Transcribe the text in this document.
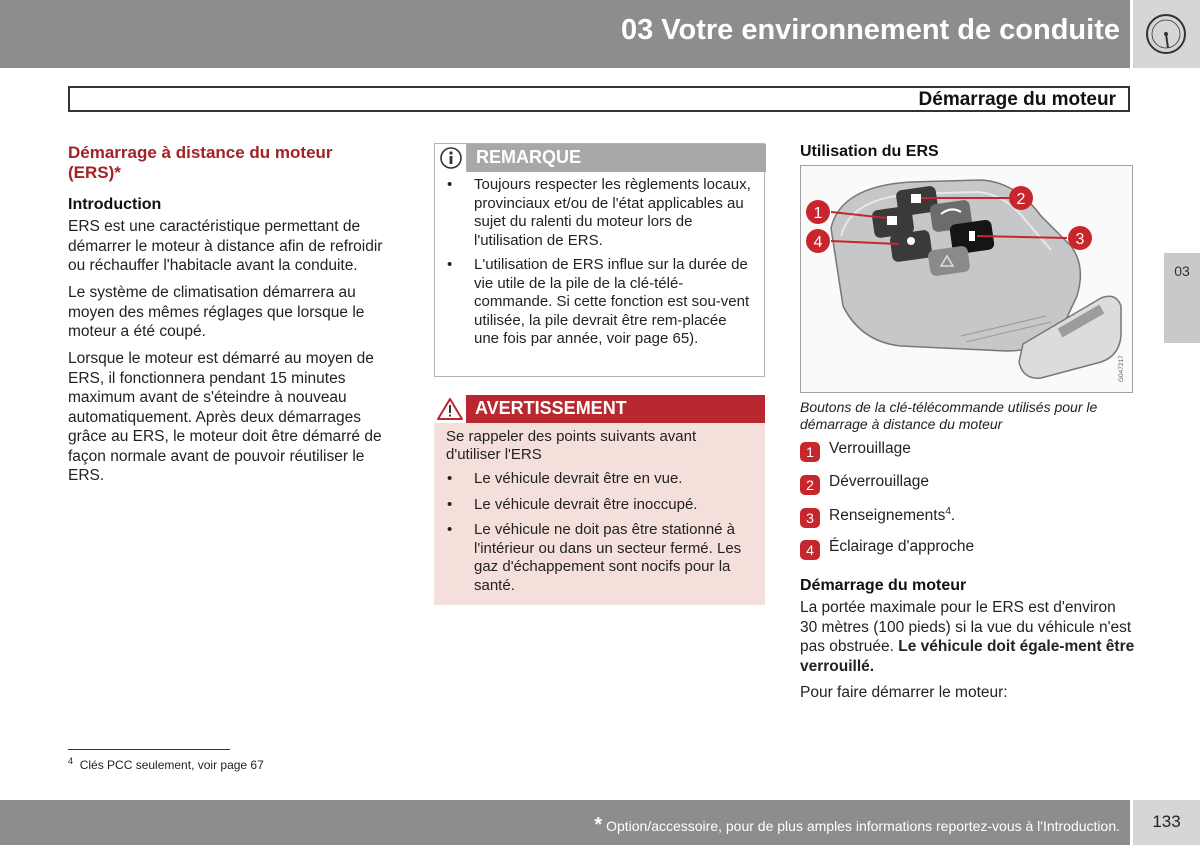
03 Votre environnement de conduite
Démarrage du moteur
03
Démarrage à distance du moteur (ERS)*
Introduction
ERS est une caractéristique permettant de démarrer le moteur à distance afin de refroidir ou réchauffer l'habitacle avant la conduite.
Le système de climatisation démarrera au moyen des mêmes réglages que lorsque le moteur a été coupé.
Lorsque le moteur est démarré au moyen de ERS, il fonctionnera pendant 15 minutes maximum avant de s'éteindre à nouveau automatiquement. Après deux démarrages grâce au ERS, le moteur doit être démarré de façon normale avant de pouvoir réutiliser le ERS.
REMARQUE
• Toujours respecter les règlements locaux, provinciaux et/ou de l'état applicables au sujet du ralenti du moteur lors de l'utilisation de ERS.
• L'utilisation de ERS influe sur la durée de vie utile de la pile de la clé-télé-commande. Si cette fonction est sou-vent utilisée, la pile devrait être rem-placée une fois par année, voir page 65).
AVERTISSEMENT
Se rappeler des points suivants avant d'utiliser l'ERS
• Le véhicule devrait être en vue.
• Le véhicule devrait être inoccupé.
• Le véhicule ne doit pas être stationné à l'intérieur ou dans un secteur fermé. Les gaz d'échappement sont nocifs pour la santé.
Utilisation du ERS
1
4
2
3
G047217
Boutons de la clé-télécommande utilisés pour le démarrage à distance du moteur
1 Verrouillage
2 Déverrouillage
3 Renseignements$^4$.
4 Éclairage d'approche
Démarrage du moteur
La portée maximale pour le ERS est d'environ 30 mètres (100 pieds) si la vue du véhicule n'est pas obstruée. Le véhicule doit égale-ment être verrouillé.
Pour faire démarrer le moteur:
$^4$ Clés PCC seulement, voir page 67
* Option/accessoire, pour de plus amples informations reportez-vous à l'Introduction.	133
